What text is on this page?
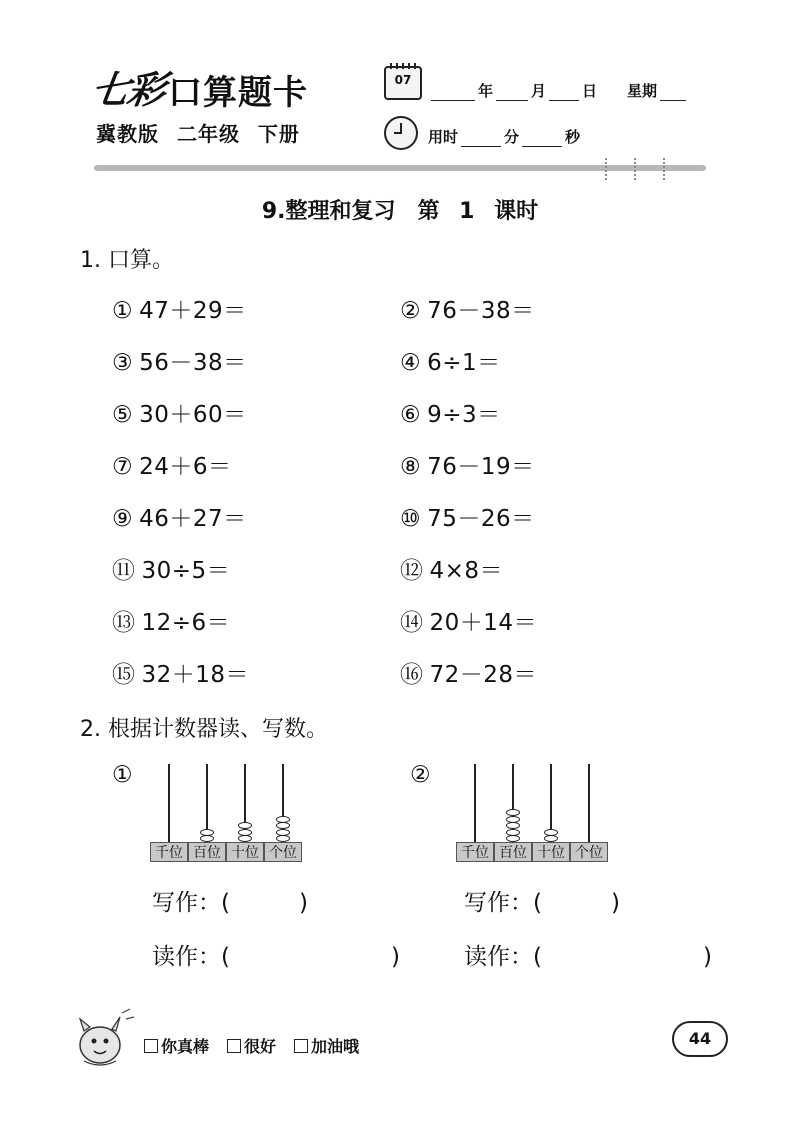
七彩 口算题卡
冀教版 二年级 下册
07
年	月 日 星期
用时	分	秒
9.整理和复习　第 1 课时
1. 口算。
① 47＋29＝	② 76－38＝
③ 56－38＝	④ 6÷1＝
⑤ 30＋60＝	⑥ 9÷3＝
⑦ 24＋6＝	⑧ 76－19＝
⑨ 46＋27＝	⑩ 75－26＝
⑪ 30÷5＝	⑫ 4×8＝
⑬ 12÷6＝	⑭ 20＋14＝
⑮ 32＋18＝	⑯ 72－28＝
2. 根据计数器读、写数。
①
千位 百位 十位 个位
写作：(　　　)
读作：(　　　　　　　)
②
千位 百位 十位 个位
写作：(　　　)
读作：(　　　　　　　)
你真棒	很好	加油哦	44
